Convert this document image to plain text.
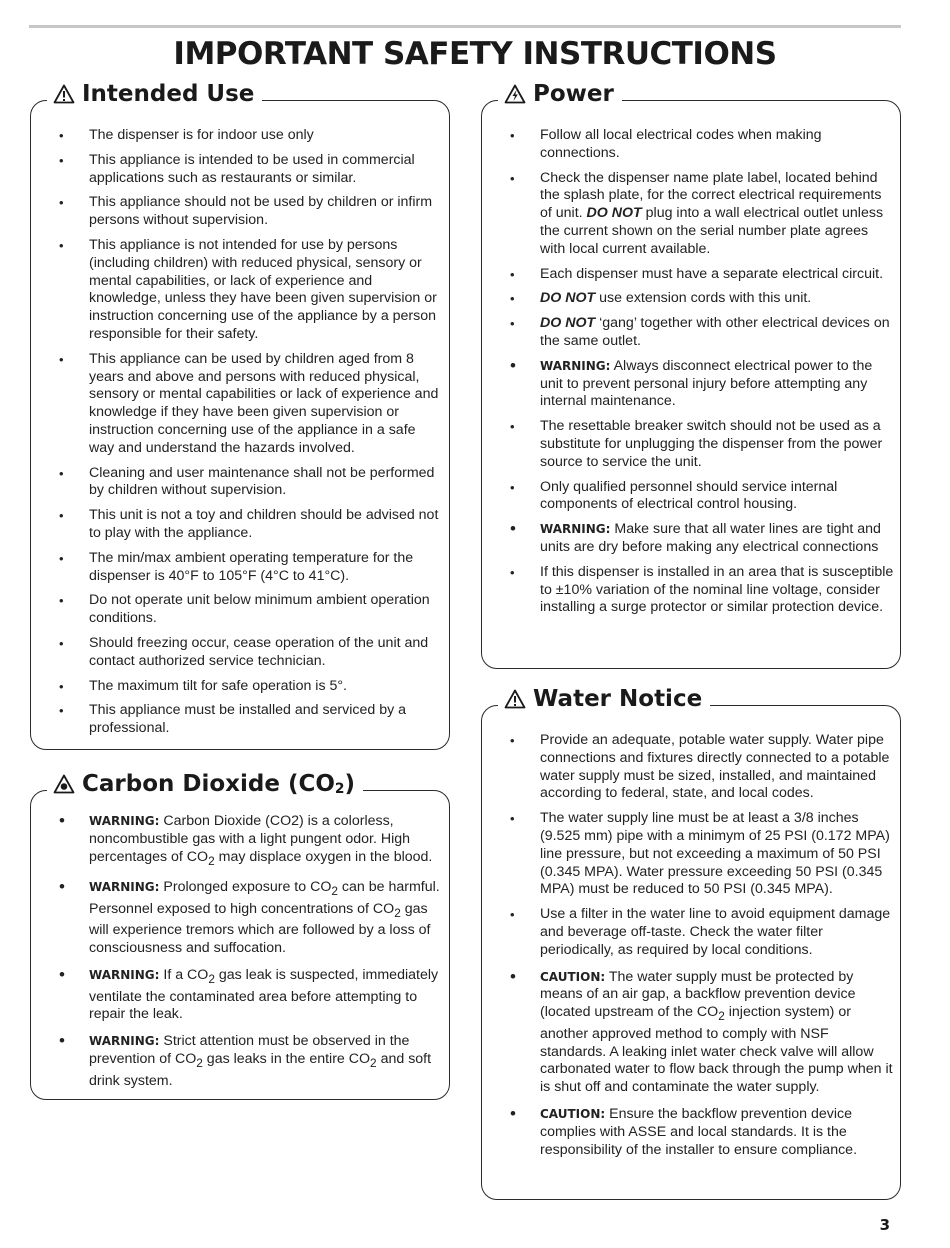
IMPORTANT SAFETY INSTRUCTIONS
Intended Use
• The dispenser is for indoor use only
• This appliance is intended to be used in commercial applications such as restaurants or similar.
• This appliance should not be used by children or infirm persons without supervision.
• This appliance is not intended for use by persons (including children) with reduced physical, sensory or mental capabilities, or lack of experience and knowledge, unless they have been given supervision or instruction concerning use of the appliance by a person responsible for their safety.
• This appliance can be used by children aged from 8 years and above and persons with reduced physical, sensory or mental capabilities or lack of experience and knowledge if they have been given supervision or instruction concerning use of the appliance in a safe way and understand the hazards involved.
• Cleaning and user maintenance shall not be performed by children without supervision.
• This unit is not a toy and children should be advised not to play with the appliance.
• The min/max ambient operating temperature for the dispenser is 40°F to 105°F (4°C to 41°C).
• Do not operate unit below minimum ambient operation conditions.
• Should freezing occur, cease operation of the unit and contact authorized service technician.
• The maximum tilt for safe operation is 5°.
• This appliance must be installed and serviced by a professional.
Carbon Dioxide (CO 2 )
• WARNING: Carbon Dioxide (CO2) is a colorless, noncombustible gas with a light pungent odor. High percentages of $CO_2$ may displace oxygen in the blood.
• WARNING: Prolonged exposure to $CO_2$ can be harmful. Personnel exposed to high concentrations of $CO_2$ gas will experience tremors which are followed by a loss of consciousness and suffocation.
• WARNING: If a $CO_2$ gas leak is suspected, immediately ventilate the contaminated area before attempting to repair the leak.
• WARNING: Strict attention must be observed in the prevention of $CO_2$ gas leaks in the entire $CO_2$ and soft drink system.
Power
• Follow all local electrical codes when making connections.
• Check the dispenser name plate label, located behind the splash plate, for the correct electrical requirements of unit. DO NOT plug into a wall electrical outlet unless the current shown on the serial number plate agrees with local current available.
• Each dispenser must have a separate electrical circuit.
• DO NOT use extension cords with this unit.
• DO NOT ‘gang’ together with other electrical devices on the same outlet.
• WARNING: Always disconnect electrical power to the unit to prevent personal injury before attempting any internal maintenance.
• The resettable breaker switch should not be used as a substitute for unplugging the dispenser from the power source to service the unit.
• Only qualified personnel should service internal components of electrical control housing.
• WARNING: Make sure that all water lines are tight and units are dry before making any electrical connections
• If this dispenser is installed in an area that is susceptible to ±10% variation of the nominal line voltage, consider installing a surge protector or similar protection device.
Water Notice
• Provide an adequate, potable water supply. Water pipe connections and fixtures directly connected to a potable water supply must be sized, installed, and maintained according to federal, state, and local codes.
• The water supply line must be at least a 3/8 inches (9.525 mm) pipe with a minimym of 25 PSI (0.172 MPA) line pressure, but not exceeding a maximum of 50 PSI (0.345 MPA). Water pressure exceeding 50 PSI (0.345 MPA) must be reduced to 50 PSI (0.345 MPA).
• Use a filter in the water line to avoid equipment damage and beverage off-taste. Check the water filter periodically, as required by local conditions.
• CAUTION: The water supply must be protected by means of an air gap, a backflow prevention device (located upstream of the $CO_2$ injection system) or another approved method to comply with NSF standards. A leaking inlet water check valve will allow carbonated water to flow back through the pump when it is shut off and contaminate the water supply.
• CAUTION: Ensure the backflow prevention device complies with ASSE and local standards. It is the responsibility of the installer to ensure compliance.
3
